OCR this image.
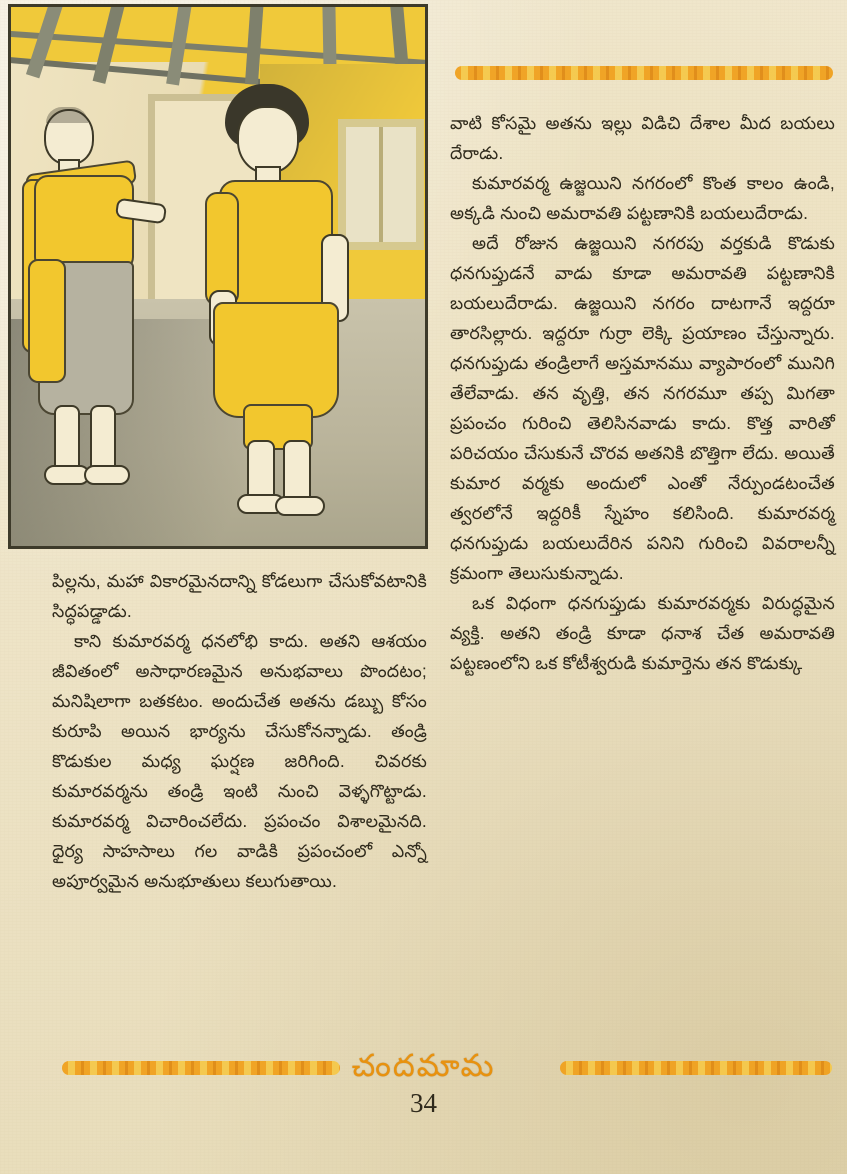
పిల్లను, మహా వికారమైనదాన్ని కోడలుగా చేసుకోవటానికి సిద్ధపడ్డాడు.

కాని కుమారవర్మ ధనలోభి కాదు. అతని ఆశయం జీవితంలో అసాధారణమైన అనుభవాలు పొందటం; మనిషిలాగా బతకటం. అందుచేత అతను డబ్బు కోసం కురూపి అయిన భార్యను చేసుకోనన్నాడు. తండ్రి కొడుకుల మధ్య ఘర్షణ జరిగింది. చివరకు కుమారవర్మను తండ్రి ఇంటి నుంచి వెళ్ళగొట్టాడు. కుమారవర్మ విచారించలేదు. ప్రపంచం విశాలమైనది. ధైర్య సాహసాలు గల వాడికి ప్రపంచంలో ఎన్నో అపూర్వమైన అనుభూతులు కలుగుతాయి.

వాటి కోసమై అతను ఇల్లు విడిచి దేశాల మీద బయలు దేరాడు.

కుమారవర్మ ఉజ్జయిని నగరంలో కొంత కాలం ఉండి, అక్కడి నుంచి అమరావతి పట్టణానికి బయలుదేరాడు.

అదే రోజున ఉజ్జయిని నగరపు వర్తకుడి కొడుకు ధనగుప్తుడనే వాడు కూడా అమరావతి పట్టణానికి బయలుదేరాడు. ఉజ్జయిని నగరం దాటగానే ఇద్దరూ తారసిల్లారు. ఇద్దరూ గుర్రా లెక్కి ప్రయాణం చేస్తున్నారు. ధనగుప్తుడు తండ్రిలాగే అస్తమానము వ్యాపారంలో మునిగి తేలేవాడు. తన వృత్తి, తన నగరమూ తప్ప మిగతా ప్రపంచం గురించి తెలిసినవాడు కాదు. కొత్త వారితో పరిచయం చేసుకునే చొరవ అతనికి బొత్తిగా లేదు. అయితే కుమార వర్మకు అందులో ఎంతో నేర్పుండటంచేత త్వరలోనే ఇద్దరికీ స్నేహం కలిసింది. కుమారవర్మ ధనగుప్తుడు బయలుదేరిన పనిని గురించి వివరాలన్నీ క్రమంగా తెలుసుకున్నాడు.

ఒక విధంగా ధనగుప్తుడు కుమారవర్మకు విరుద్ధమైన వ్యక్తి. అతని తండ్రి కూడా ధనాశ చేత అమరావతి పట్టణంలోని ఒక కోటీశ్వరుడి కుమార్తెను తన కొడుక్కు

చందమామ
34
